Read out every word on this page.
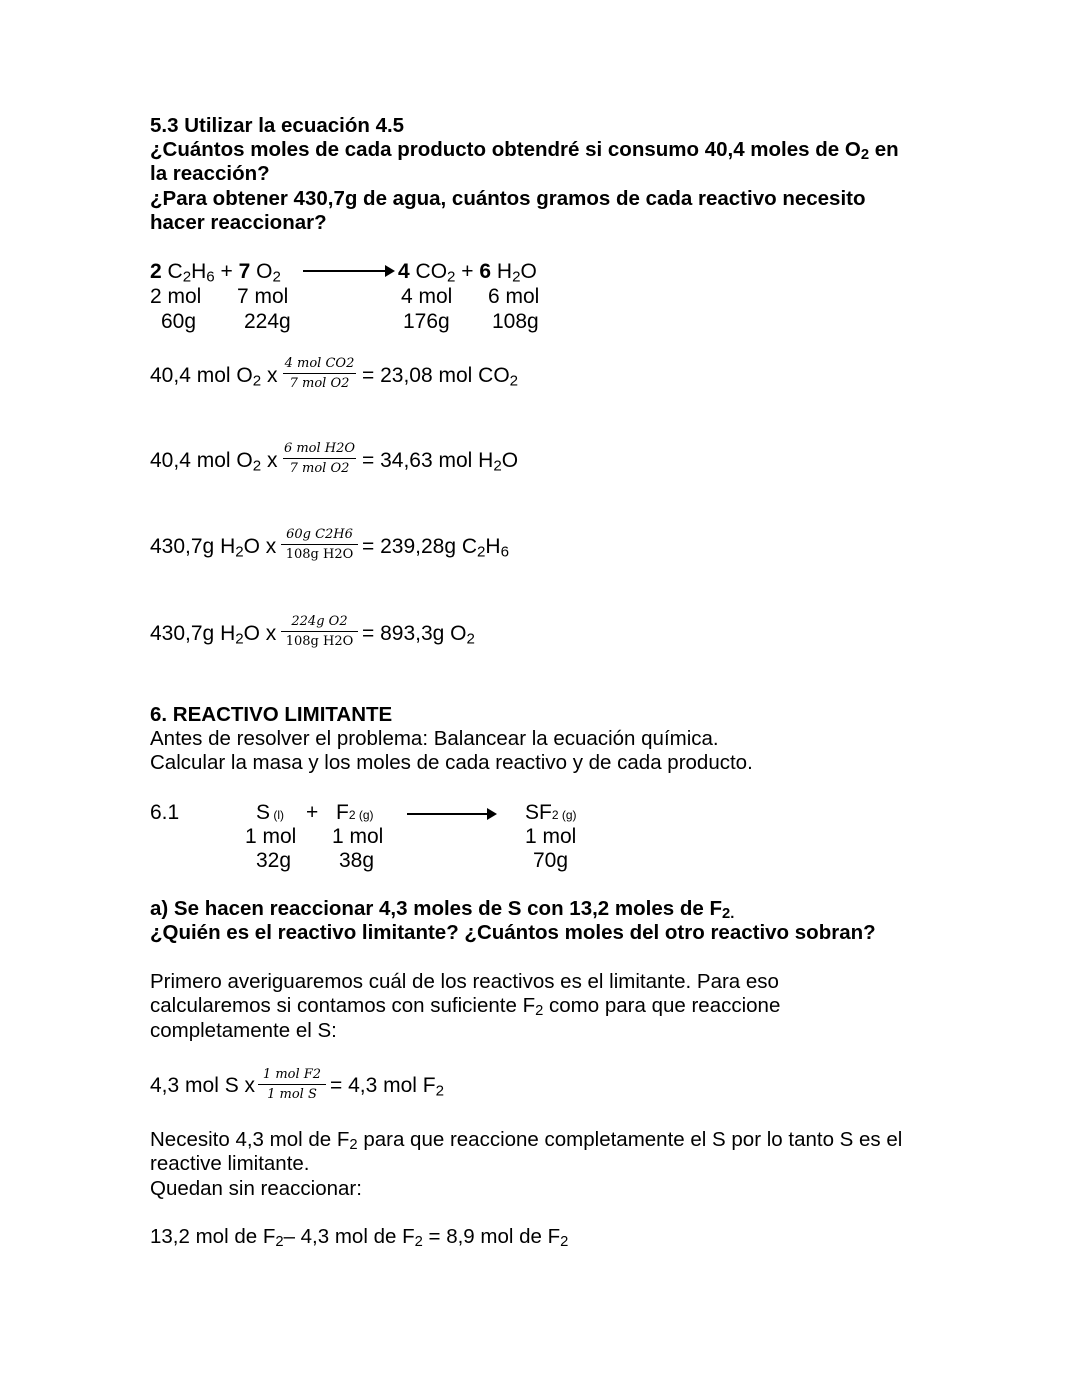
5.3 Utilizar la ecuación 4.5
¿Cuántos moles de cada producto obtendré si consumo 40,4 moles de $O_2$ en
la reacción?
¿Para obtener 430,7g de agua, cuántos gramos de cada reactivo necesito
hacer reaccionar?
2 $C_2H_6 + 7$ $O_2$	4 $CO_2 + 6$ $H_2O$
2 mol 7 mol	4 mol 6 mol
60g 224g	176g 108g
40,4 mol $O_2$ x
4 mol CO2
7 mol O2 = 23,08 mol $CO_2$
40,4 mol $O_2$ x
6 mol H2O
7 mol O2 = 34,63 mol $H_2O$
430,7g $H_2O$ x $\frac{\text{60g C2H6}}{\text{108g H2O}} = 239,28g$ $C_2H_6$
430,7g $H_2O$ x $\frac{\text{224g O2}}{\text{108g H2O}} = 893,3g$ $O_2$
6. REACTIVO LIMITANTE
Antes de resolver el problema: Balancear la ecuación química.
Calcular la masa y los moles de cada reactivo y de cada producto.
6.1	S (l) + F2 (g)	SF2 (g)
1 mol 1 mol	1 mol
32g 38g	70g
a) Se hacen reaccionar 4,3 moles de S con 13,2 moles de $F_{2.}$
¿Quién es el reactivo limitante? ¿Cuántos moles del otro reactivo sobran?
Primero averiguaremos cuál de los reactivos es el limitante. Para eso
calcularemos si contamos con suficiente $F_2$ como para que reaccione
completamente el S:
4,3 mol S x 1 mol F2
1 mol S = 4,3 mol $F_2$
Necesito 4,3 mol de $F_2$ para que reaccione completamente el S por lo tanto S es el
reactive limitante.
Quedan sin reaccionar:
13,2 mol de $F_2-$ 4,3 mol de $F_2 = 8,9$ mol de $F_2$
